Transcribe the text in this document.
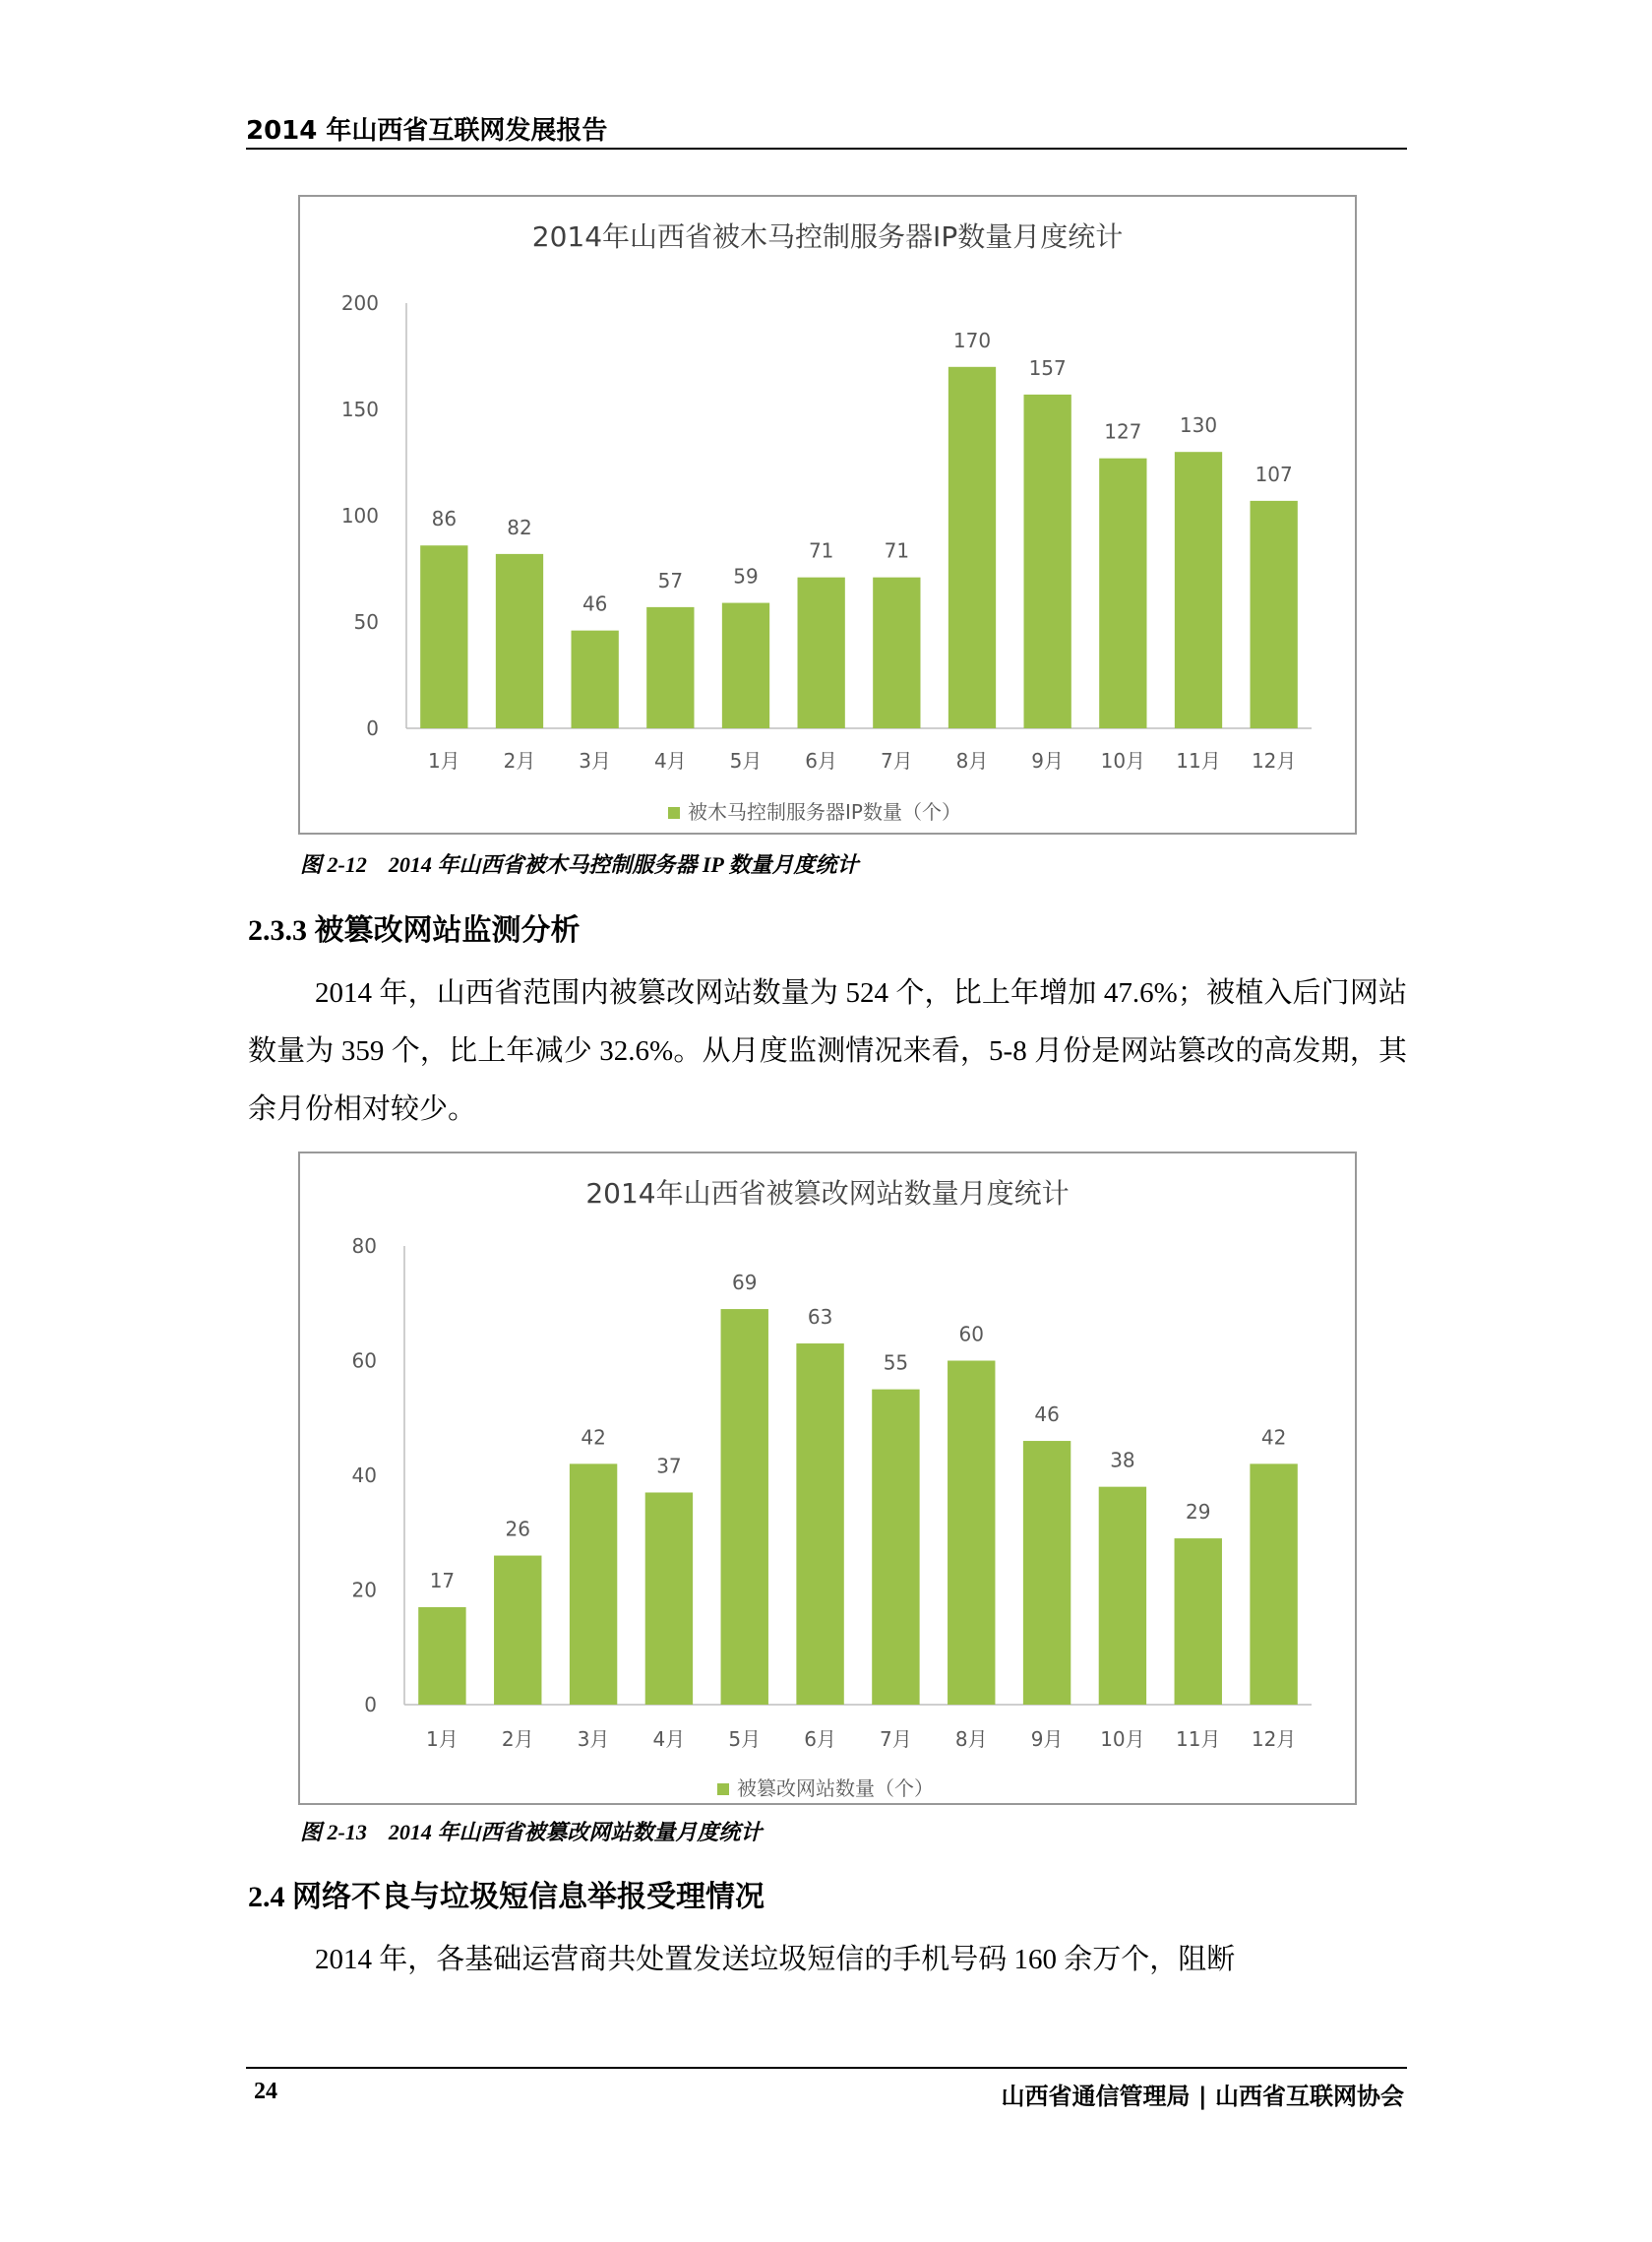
2014 年山西省互联网发展报告
2014年山西省被木马控制服务器IP数量月度统计
0
50
100
150
200
86
1月
82
2月
46
3月
57
4月
59
5月
71
6月
71
7月
170
8月
157
9月
127
10月
130
11月
107
12月
被木马控制服务器IP数量（个）
图 2-12　2014 年山西省被木马控制服务器 IP 数量月度统计
2.3.3 被篡改网站监测分析

2014 年，山西省范围内被篡改网站数量为 524 个，比上年增加 47.6%；被植入后门网站数量为 359 个，比上年减少 32.6%。从月度监测情况来看，5-8 月份是网站篡改的高发期，其余月份相对较少。

2014年山西省被篡改网站数量月度统计
0
20
40
60
80
17
1月
26
2月
42
3月
37
4月
69
5月
63
6月
55
7月
60
8月
46
9月
38
10月
29
11月
42
12月
被篡改网站数量（个）
图 2-13　2014 年山西省被篡改网站数量月度统计
2.4 网络不良与垃圾短信息举报受理情况

2014 年，各基础运营商共处置发送垃圾短信的手机号码 160 余万个，阻断

24	山西省通信管理局 | 山西省互联网协会
